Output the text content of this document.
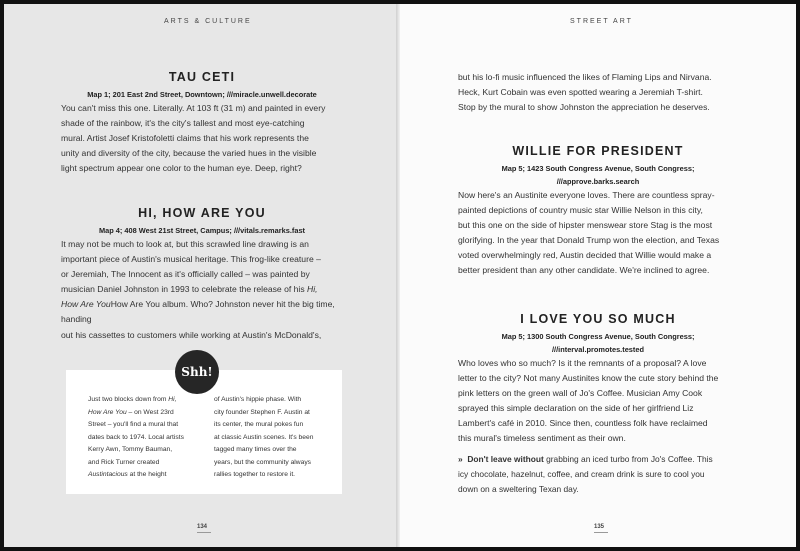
ARTS & CULTURE
TAU CETI
Map 1; 201 East 2nd Street, Downtown; ///miracle.unwell.decorate
You can't miss this one. Literally. At 103 ft (31 m) and painted in every
shade of the rainbow, it's the city's tallest and most eye-catching
mural. Artist Josef Kristofoletti claims that his work represents the
unity and diversity of the city, because the varied hues in the visible
light spectrum appear one color to the human eye. Deep, right?
HI, HOW ARE YOU
Map 4; 408 West 21st Street, Campus; ///vitals.remarks.fast
It may not be much to look at, but this scrawled line drawing is an
important piece of Austin's musical heritage. This frog-like creature –
or Jeremiah, The Innocent as it's officially called – was painted by
musician Daniel Johnston in 1993 to celebrate the release of his Hi,
How Are YouHow Are You album. Who? Johnston never hit the big time, handing
out his cassettes to customers while working at Austin's McDonald's,
Just two blocks down from Hi,
How Are You – on West 23rd
Street – you'll find a mural that
dates back to 1974. Local artists
Kerry Awn, Tommy Bauman,
and Rick Turner created
Austintacious at the height
of Austin's hippie phase. With
city founder Stephen F. Austin at
its center, the mural pokes fun
at classic Austin scenes. It's been
tagged many times over the
years, but the community always
rallies together to restore it.
Shh!
134
STREET ART
but his lo-fi music influenced the likes of Flaming Lips and Nirvana.
Heck, Kurt Cobain was even spotted wearing a Jeremiah T-shirt.
Stop by the mural to show Johnston the appreciation he deserves.
WILLIE FOR PRESIDENT
Map 5; 1423 South Congress Avenue, South Congress;
///approve.barks.search
Now here's an Austinite everyone loves. There are countless spray-
painted depictions of country music star Willie Nelson in this city,
but this one on the side of hipster menswear store Stag is the most
glorifying. In the year that Donald Trump won the election, and Texas
voted overwhelmingly red, Austin decided that Willie would make a
better president than any other candidate. We're inclined to agree.
I LOVE YOU SO MUCH
Map 5; 1300 South Congress Avenue, South Congress;
///interval.promotes.tested
Who loves who so much? Is it the remnants of a proposal? A love
letter to the city? Not many Austinites know the cute story behind the
pink letters on the green wall of Jo's Coffee. Musician Amy Cook
sprayed this simple declaration on the side of her girlfriend Liz
Lambert's café in 2010. Since then, countless folk have reclaimed
this mural's timeless sentiment as their own.
» Don't leave without grabbing an iced turbo from Jo's Coffee. This
icy chocolate, hazelnut, coffee, and cream drink is sure to cool you
down on a sweltering Texan day.
135
